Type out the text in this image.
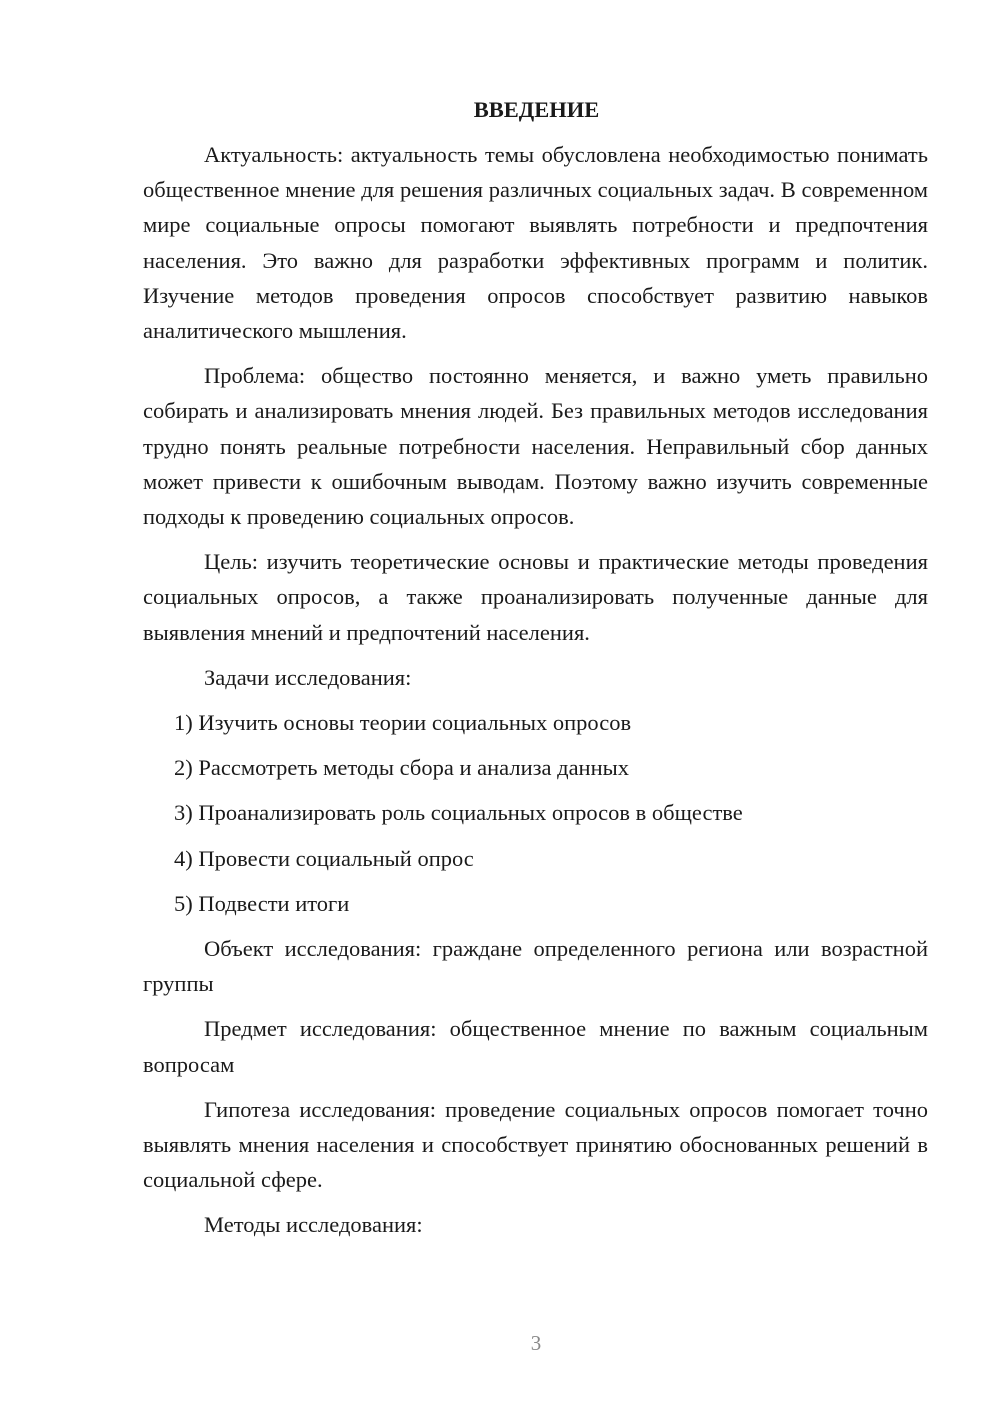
ВВЕДЕНИЕ

Актуальность: актуальность темы обусловлена необходимостью понимать общественное мнение для решения различных социальных задач. В современном мире социальные опросы помогают выявлять потребности и предпочтения населения. Это важно для разработки эффективных программ и политик. Изучение методов проведения опросов способствует развитию навыков аналитического мышления.

Проблема: общество постоянно меняется, и важно уметь правильно собирать и анализировать мнения людей. Без правильных методов исследования трудно понять реальные потребности населения. Неправильный сбор данных может привести к ошибочным выводам. Поэтому важно изучить современные подходы к проведению социальных опросов.

Цель: изучить теоретические основы и практические методы проведения социальных опросов, а также проанализировать полученные данные для выявления мнений и предпочтений населения.

Задачи исследования:

1) Изучить основы теории социальных опросов
2) Рассмотреть методы сбора и анализа данных
3) Проанализировать роль социальных опросов в обществе
4) Провести социальный опрос
5) Подвести итоги

Объект исследования: граждане определенного региона или возрастной группы

Предмет исследования: общественное мнение по важным социальным вопросам

Гипотеза исследования: проведение социальных опросов помогает точно выявлять мнения населения и способствует принятию обоснованных решений в социальной сфере.

Методы исследования:

3
